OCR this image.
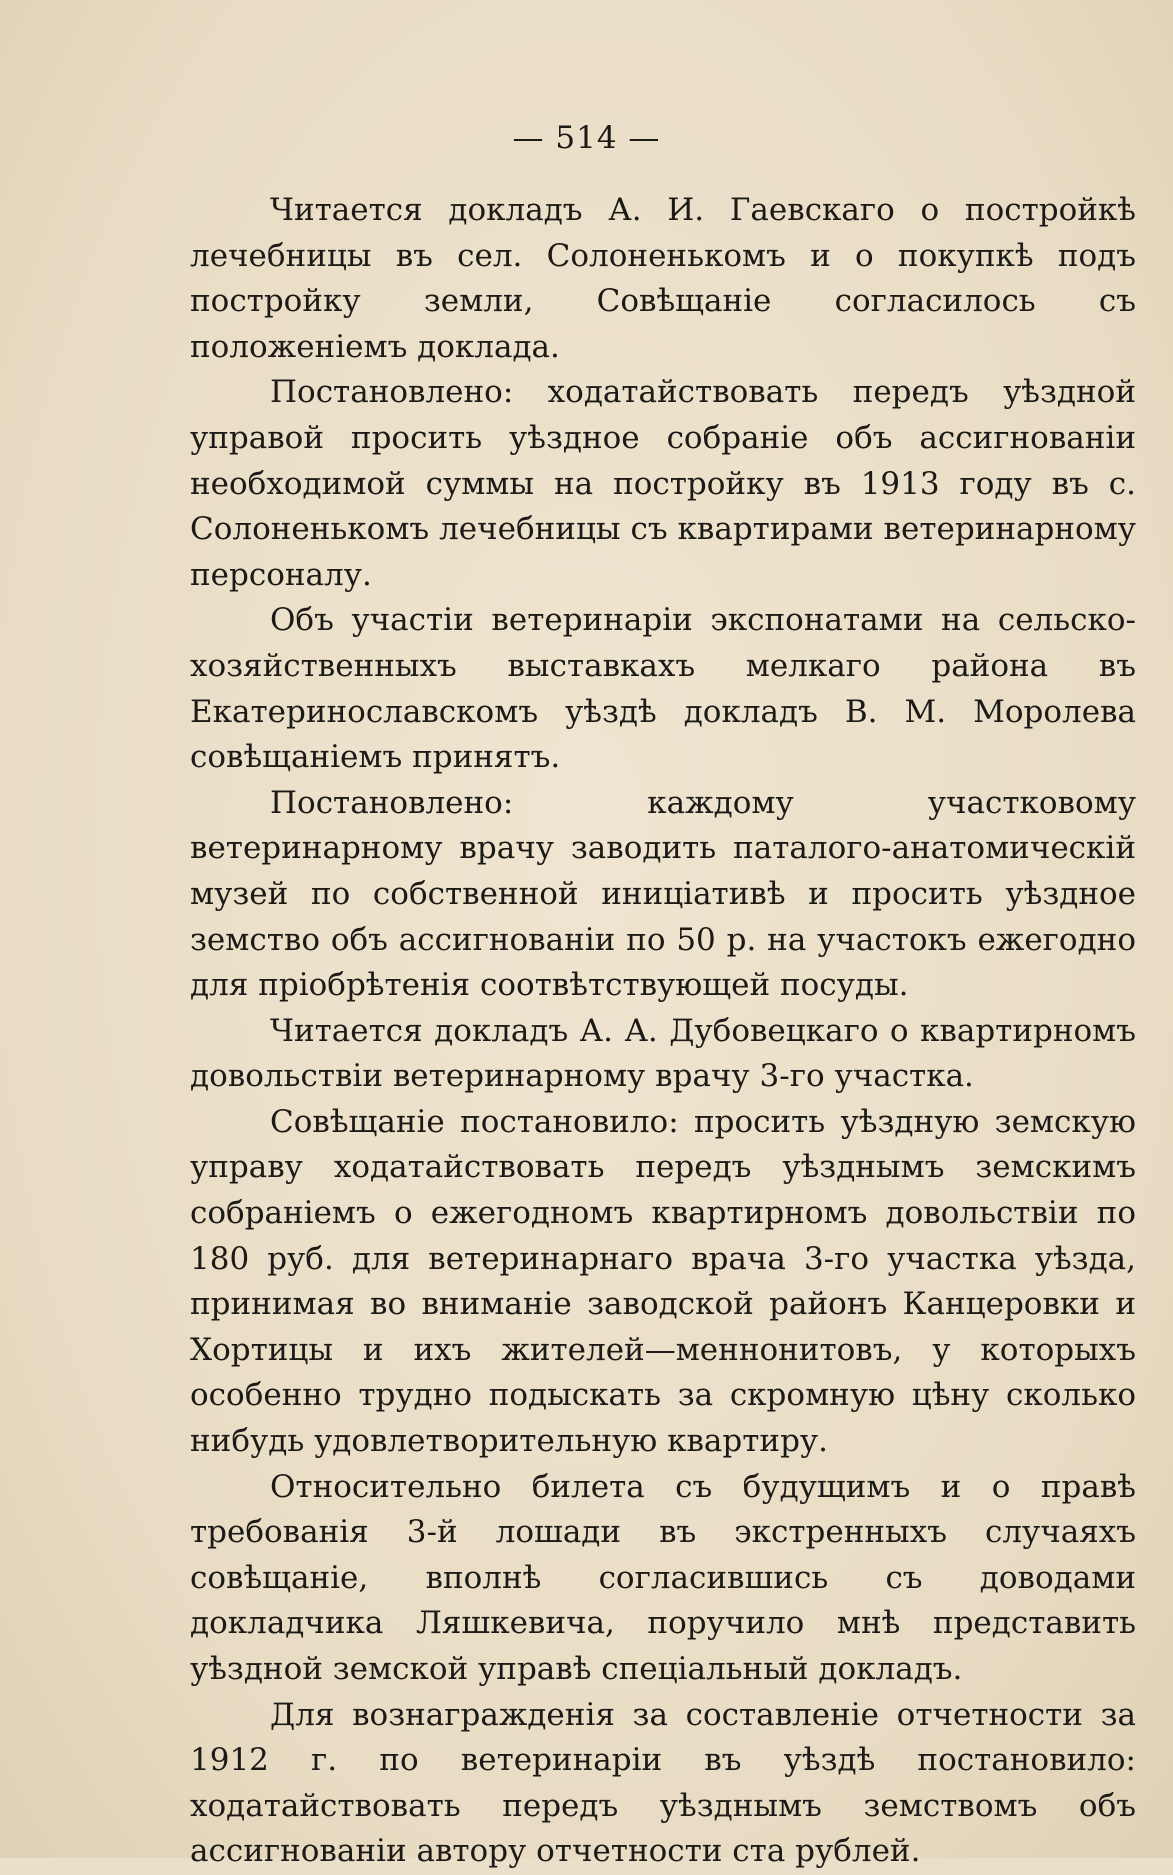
— 514 —

Читается докладъ А. И. Гаевскаго о постройкѣ лечебницы въ сел. Солоненькомъ и о покупкѣ подъ постройку земли, Совѣщаніе согласилось съ положеніемъ доклада.

Постановлено: ходатайствовать передъ уѣздной управой просить уѣздное собраніе объ ассигнованіи необходимой суммы на постройку въ 1913 году въ с. Солоненькомъ лечебницы съ квартирами ветеринарному персоналу.

Объ участіи ветеринаріи экспонатами на сельско-хозяйственныхъ выставкахъ мелкаго района въ Екатеринославскомъ уѣздѣ докладъ В. М. Моролева совѣщаніемъ принятъ.

Постановлено: каждому участковому ветеринарному врачу заводить паталого-анатомическій музей по собственной иниціативѣ и просить уѣздное земство объ ассигнованіи по 50 р. на участокъ ежегодно для пріобрѣтенія соотвѣтствующей посуды.

Читается докладъ А. А. Дубовецкаго о квартирномъ довольствіи ветеринарному врачу 3-го участка.

Совѣщаніе постановило: просить уѣздную земскую управу ходатайствовать передъ уѣзднымъ земскимъ собраніемъ о ежегодномъ квартирномъ довольствіи по 180 руб. для ветеринарнаго врача 3-го участка уѣзда, принимая во вниманіе заводской районъ Канцеровки и Хортицы и ихъ жителей—меннонитовъ, у которыхъ особенно трудно подыскать за скромную цѣну сколько нибудь удовлетворительную квартиру.

Относительно билета съ будущимъ и о правѣ требованія 3-й лошади въ экстренныхъ случаяхъ совѣщаніе, вполнѣ согласившись съ доводами докладчика Ляшкевича, поручило мнѣ представить уѣздной земской управѣ спеціальный докладъ.

Для вознагражденія за составленіе отчетности за 1912 г. по ветеринаріи въ уѣздѣ постановило: ходатайствовать передъ уѣзднымъ земствомъ объ ассигнованіи автору отчетности ста рублей.
